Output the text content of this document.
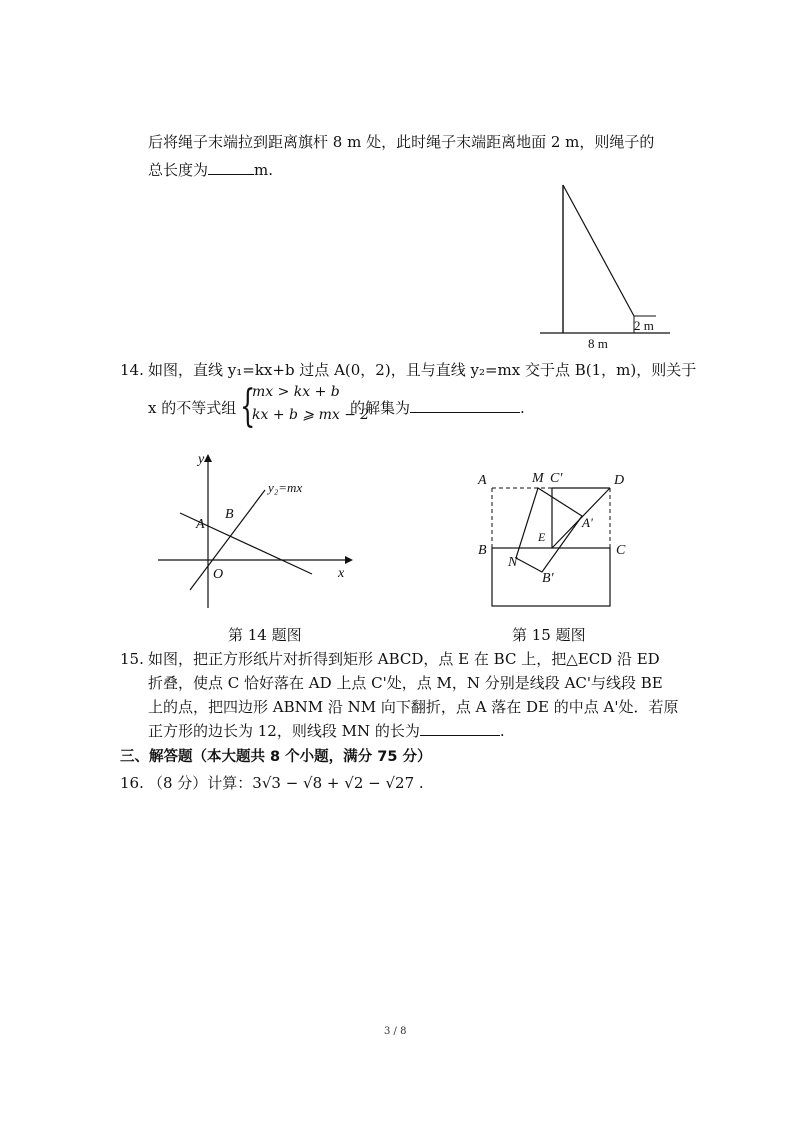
后将绳子末端拉到距离旗杆 8 m 处，此时绳子末端距离地面 2 m，则绳子的
总长度为	m.
2 m
8 m
14. 如图，直线 y₁=kx+b 过点 A(0，2)，且与直线 y₂=mx 交于点 B(1，m)，则关于
x 的不等式组 {
mx > kx + b
kx + b ⩾ mx − 2
的解集为	.
y
x
O
A
B
y₂=mx
第 14 题图
A	M C'	D
A'
E
B	C
N
B'
第 15 题图
15. 如图，把正方形纸片对折得到矩形 ABCD，点 E 在 BC 上，把△ECD 沿 ED
折叠，使点 C 恰好落在 AD 上点 C'处，点 M，N 分别是线段 AC'与线段 BE
上的点，把四边形 ABNM 沿 NM 向下翻折，点 A 落在 DE 的中点 A'处．若原
正方形的边长为 12，则线段 MN 的长为	.
三、解答题（本大题共 8 个小题，满分 75 分）
16. （8 分）计算：3√3 − √8 + √2 − √27 .
3 / 8
